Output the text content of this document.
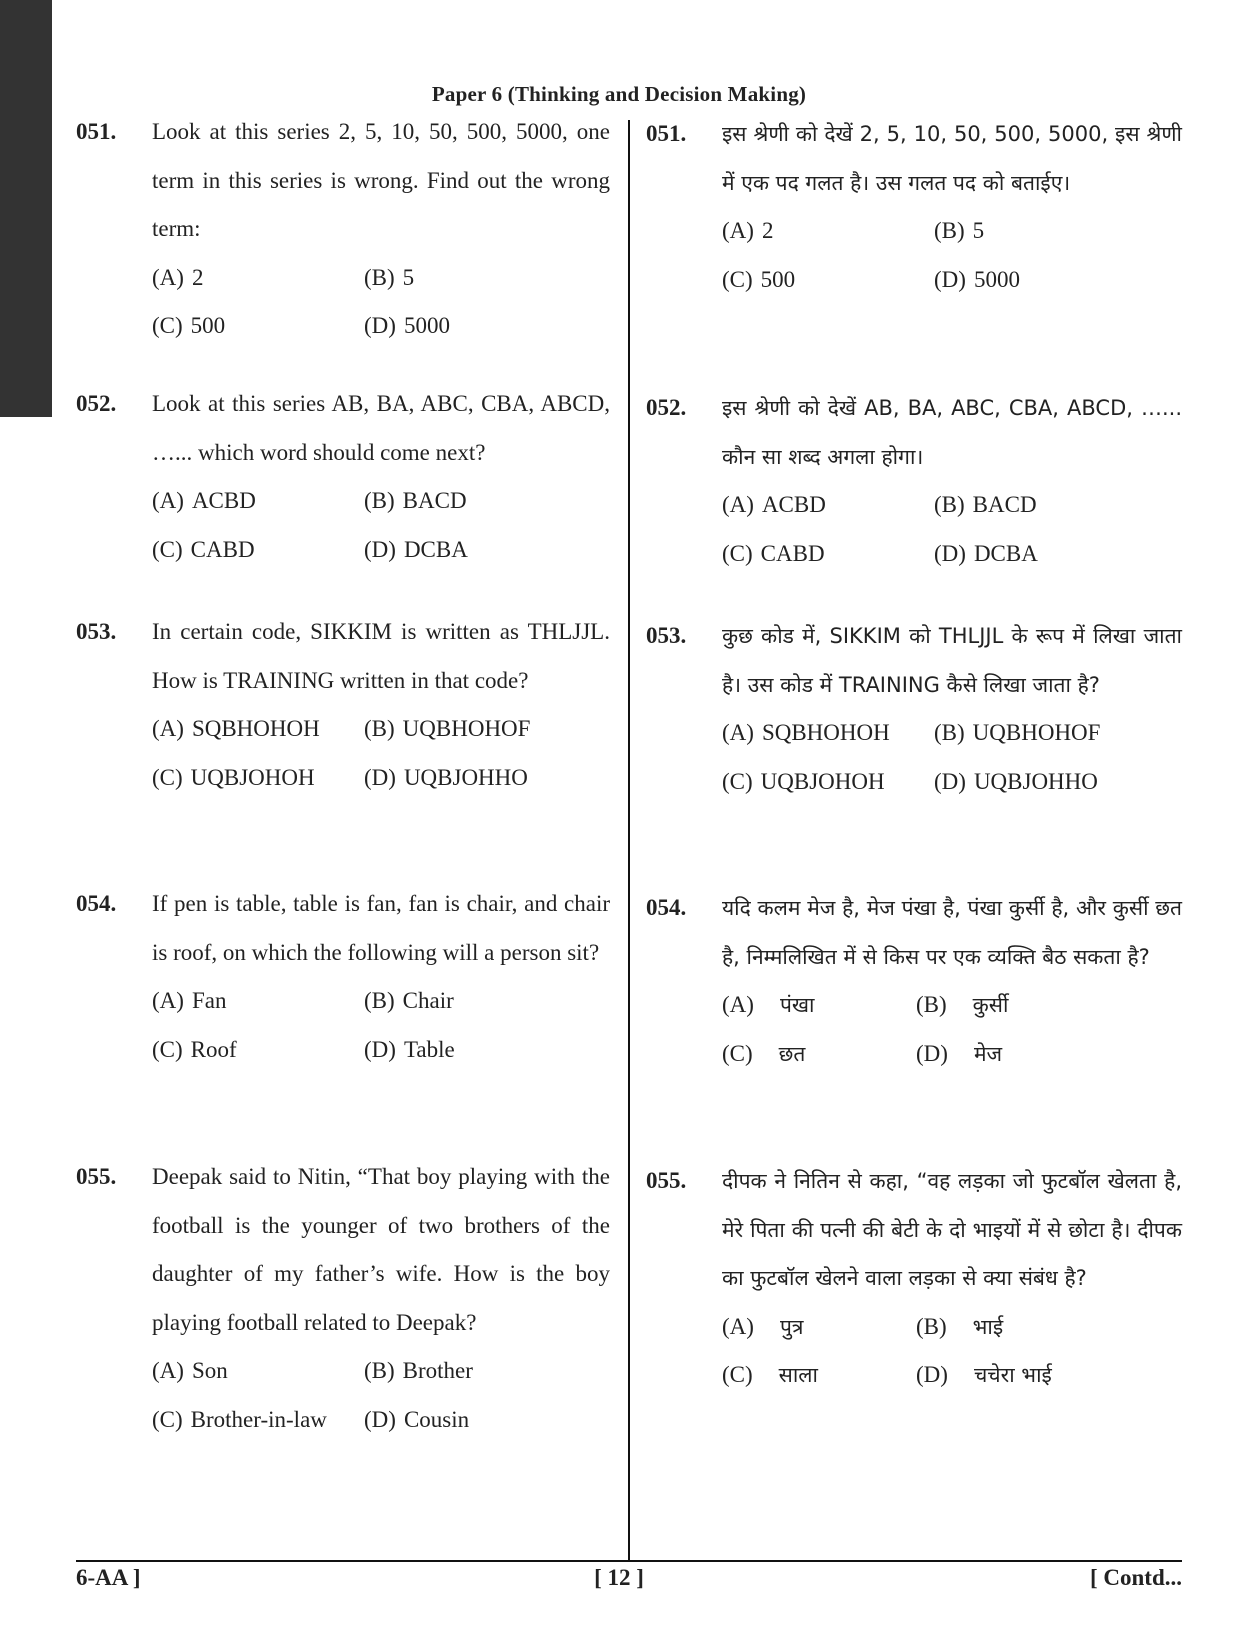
Paper 6 (Thinking and Decision Making)
051. Look at this series 2, 5, 10, 50, 500, 5000, one term in this series is wrong. Find out the wrong term:

(A) 2	(B) 5
(C) 500	(D) 5000
052. Look at this series AB, BA, ABC, CBA, ABCD, …... which word should come next?

(A) ACBD	(B) BACD
(C) CABD	(D) DCBA
053. In certain code, SIKKIM is written as THLJJL. How is TRAINING written in that code?

(A) SQBHOHOH	(B) UQBHOHOF
(C) UQBJOHOH	(D) UQBJOHHO
054. If pen is table, table is fan, fan is chair, and chair is roof, on which the following will a person sit?

(A) Fan	(B) Chair
(C) Roof	(D) Table
055. Deepak said to Nitin, “That boy playing with the football is the younger of two brothers of the daughter of my father’s wife. How is the boy playing football related to Deepak?

(A) Son	(B) Brother
(C) Brother-in-law	(D) Cousin
051. इस श्रेणी को देखें 2, 5, 10, 50, 500, 5000, इस श्रेणी में एक पद गलत है। उस गलत पद को बताईए।

(A) 2	(B) 5
(C) 500	(D) 5000
052. इस श्रेणी को देखें AB, BA, ABC, CBA, ABCD, …... कौन सा शब्द अगला होगा।

(A) ACBD	(B) BACD
(C) CABD	(D) DCBA
053. कुछ कोड में, SIKKIM को THLJJL के रूप में लिखा जाता है। उस कोड में TRAINING कैसे लिखा जाता है?

(A) SQBHOHOH	(B) UQBHOHOF
(C) UQBJOHOH	(D) UQBJOHHO
054. यदि कलम मेज है, मेज पंखा है, पंखा कुर्सी है, और कुर्सी छत है, निम्मलिखित में से किस पर एक व्यक्ति बैठ सकता है?

(A) पंखा	(B) कुर्सी
(C) छत	(D) मेज
055. दीपक ने नितिन से कहा, “वह लड़का जो फुटबॉल खेलता है, मेरे पिता की पत्नी की बेटी के दो भाइयों में से छोटा है। दीपक का फुटबॉल खेलने वाला लड़का से क्या संबंध है?

(A) पुत्र	(B) भाई
(C) साला	(D) चचेरा भाई
6-AA ]	[ 12 ]	[ Contd...
